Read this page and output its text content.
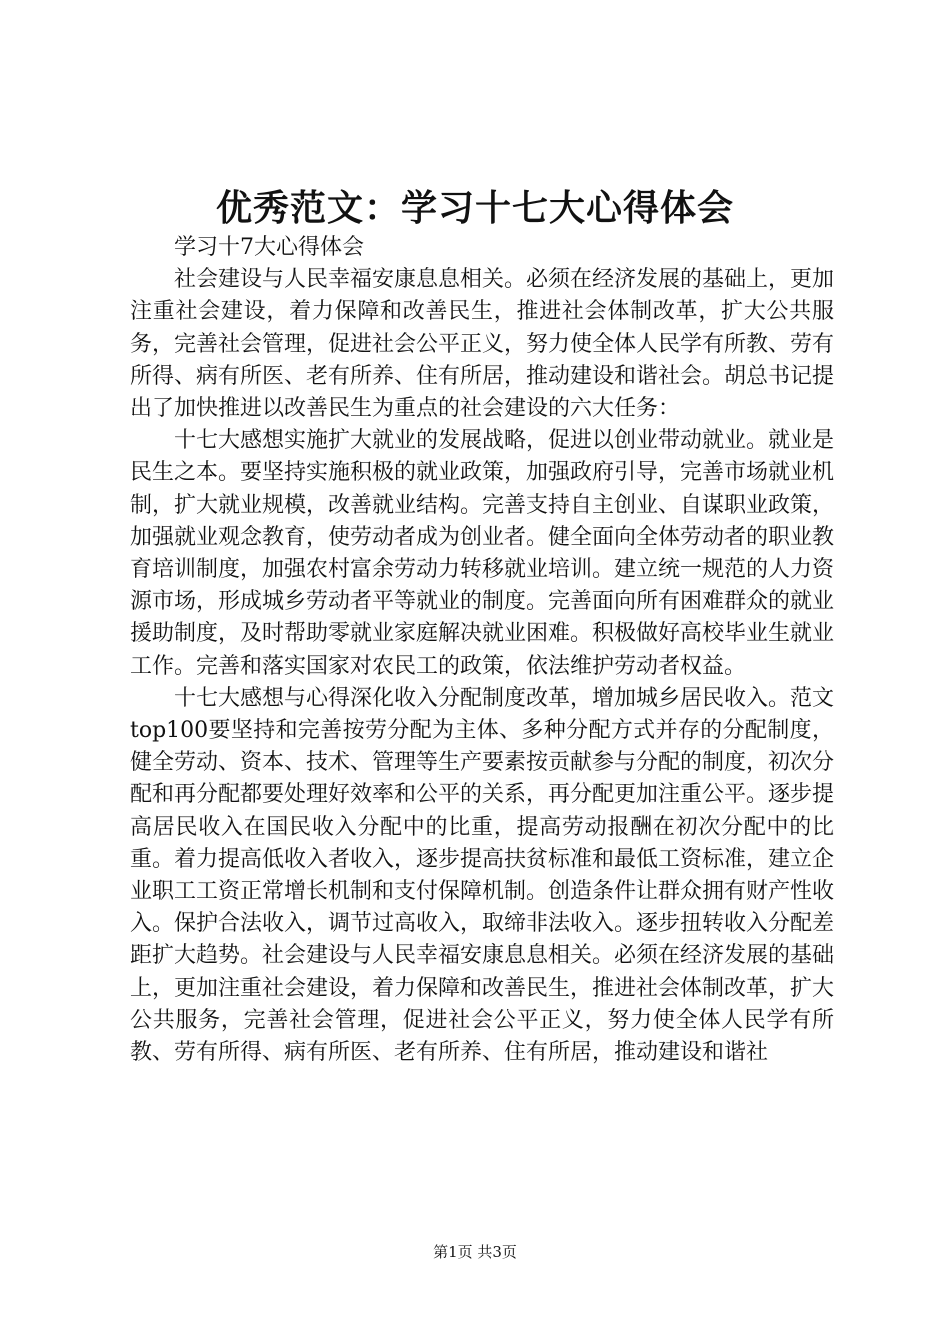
优秀范文：学习十七大心得体会

学习十7大心得体会

社会建设与人民幸福安康息息相关。必须在经济发展的基础上，更加注重社会建设，着力保障和改善民生，推进社会体制改革，扩大公共服务，完善社会管理，促进社会公平正义，努力使全体人民学有所教、劳有所得、病有所医、老有所养、住有所居，推动建设和谐社会。胡总书记提出了加快推进以改善民生为重点的社会建设的六大任务：

十七大感想实施扩大就业的发展战略，促进以创业带动就业。就业是民生之本。要坚持实施积极的就业政策，加强政府引导，完善市场就业机制，扩大就业规模，改善就业结构。完善支持自主创业、自谋职业政策，加强就业观念教育，使劳动者成为创业者。健全面向全体劳动者的职业教育培训制度，加强农村富余劳动力转移就业培训。建立统一规范的人力资源市场，形成城乡劳动者平等就业的制度。完善面向所有困难群众的就业援助制度，及时帮助零就业家庭解决就业困难。积极做好高校毕业生就业工作。完善和落实国家对农民工的政策，依法维护劳动者权益。

十七大感想与心得深化收入分配制度改革，增加城乡居民收入。范文top100要坚持和完善按劳分配为主体、多种分配方式并存的分配制度，健全劳动、资本、技术、管理等生产要素按贡献参与分配的制度，初次分配和再分配都要处理好效率和公平的关系，再分配更加注重公平。逐步提高居民收入在国民收入分配中的比重，提高劳动报酬在初次分配中的比重。着力提高低收入者收入，逐步提高扶贫标准和最低工资标准，建立企业职工工资正常增长机制和支付保障机制。创造条件让群众拥有财产性收入。保护合法收入，调节过高收入，取缔非法收入。逐步扭转收入分配差距扩大趋势。社会建设与人民幸福安康息息相关。必须在经济发展的基础上，更加注重社会建设，着力保障和改善民生，推进社会体制改革，扩大公共服务，完善社会管理，促进社会公平正义，努力使全体人民学有所教、劳有所得、病有所医、老有所养、住有所居，推动建设和谐社

第1页 共3页
